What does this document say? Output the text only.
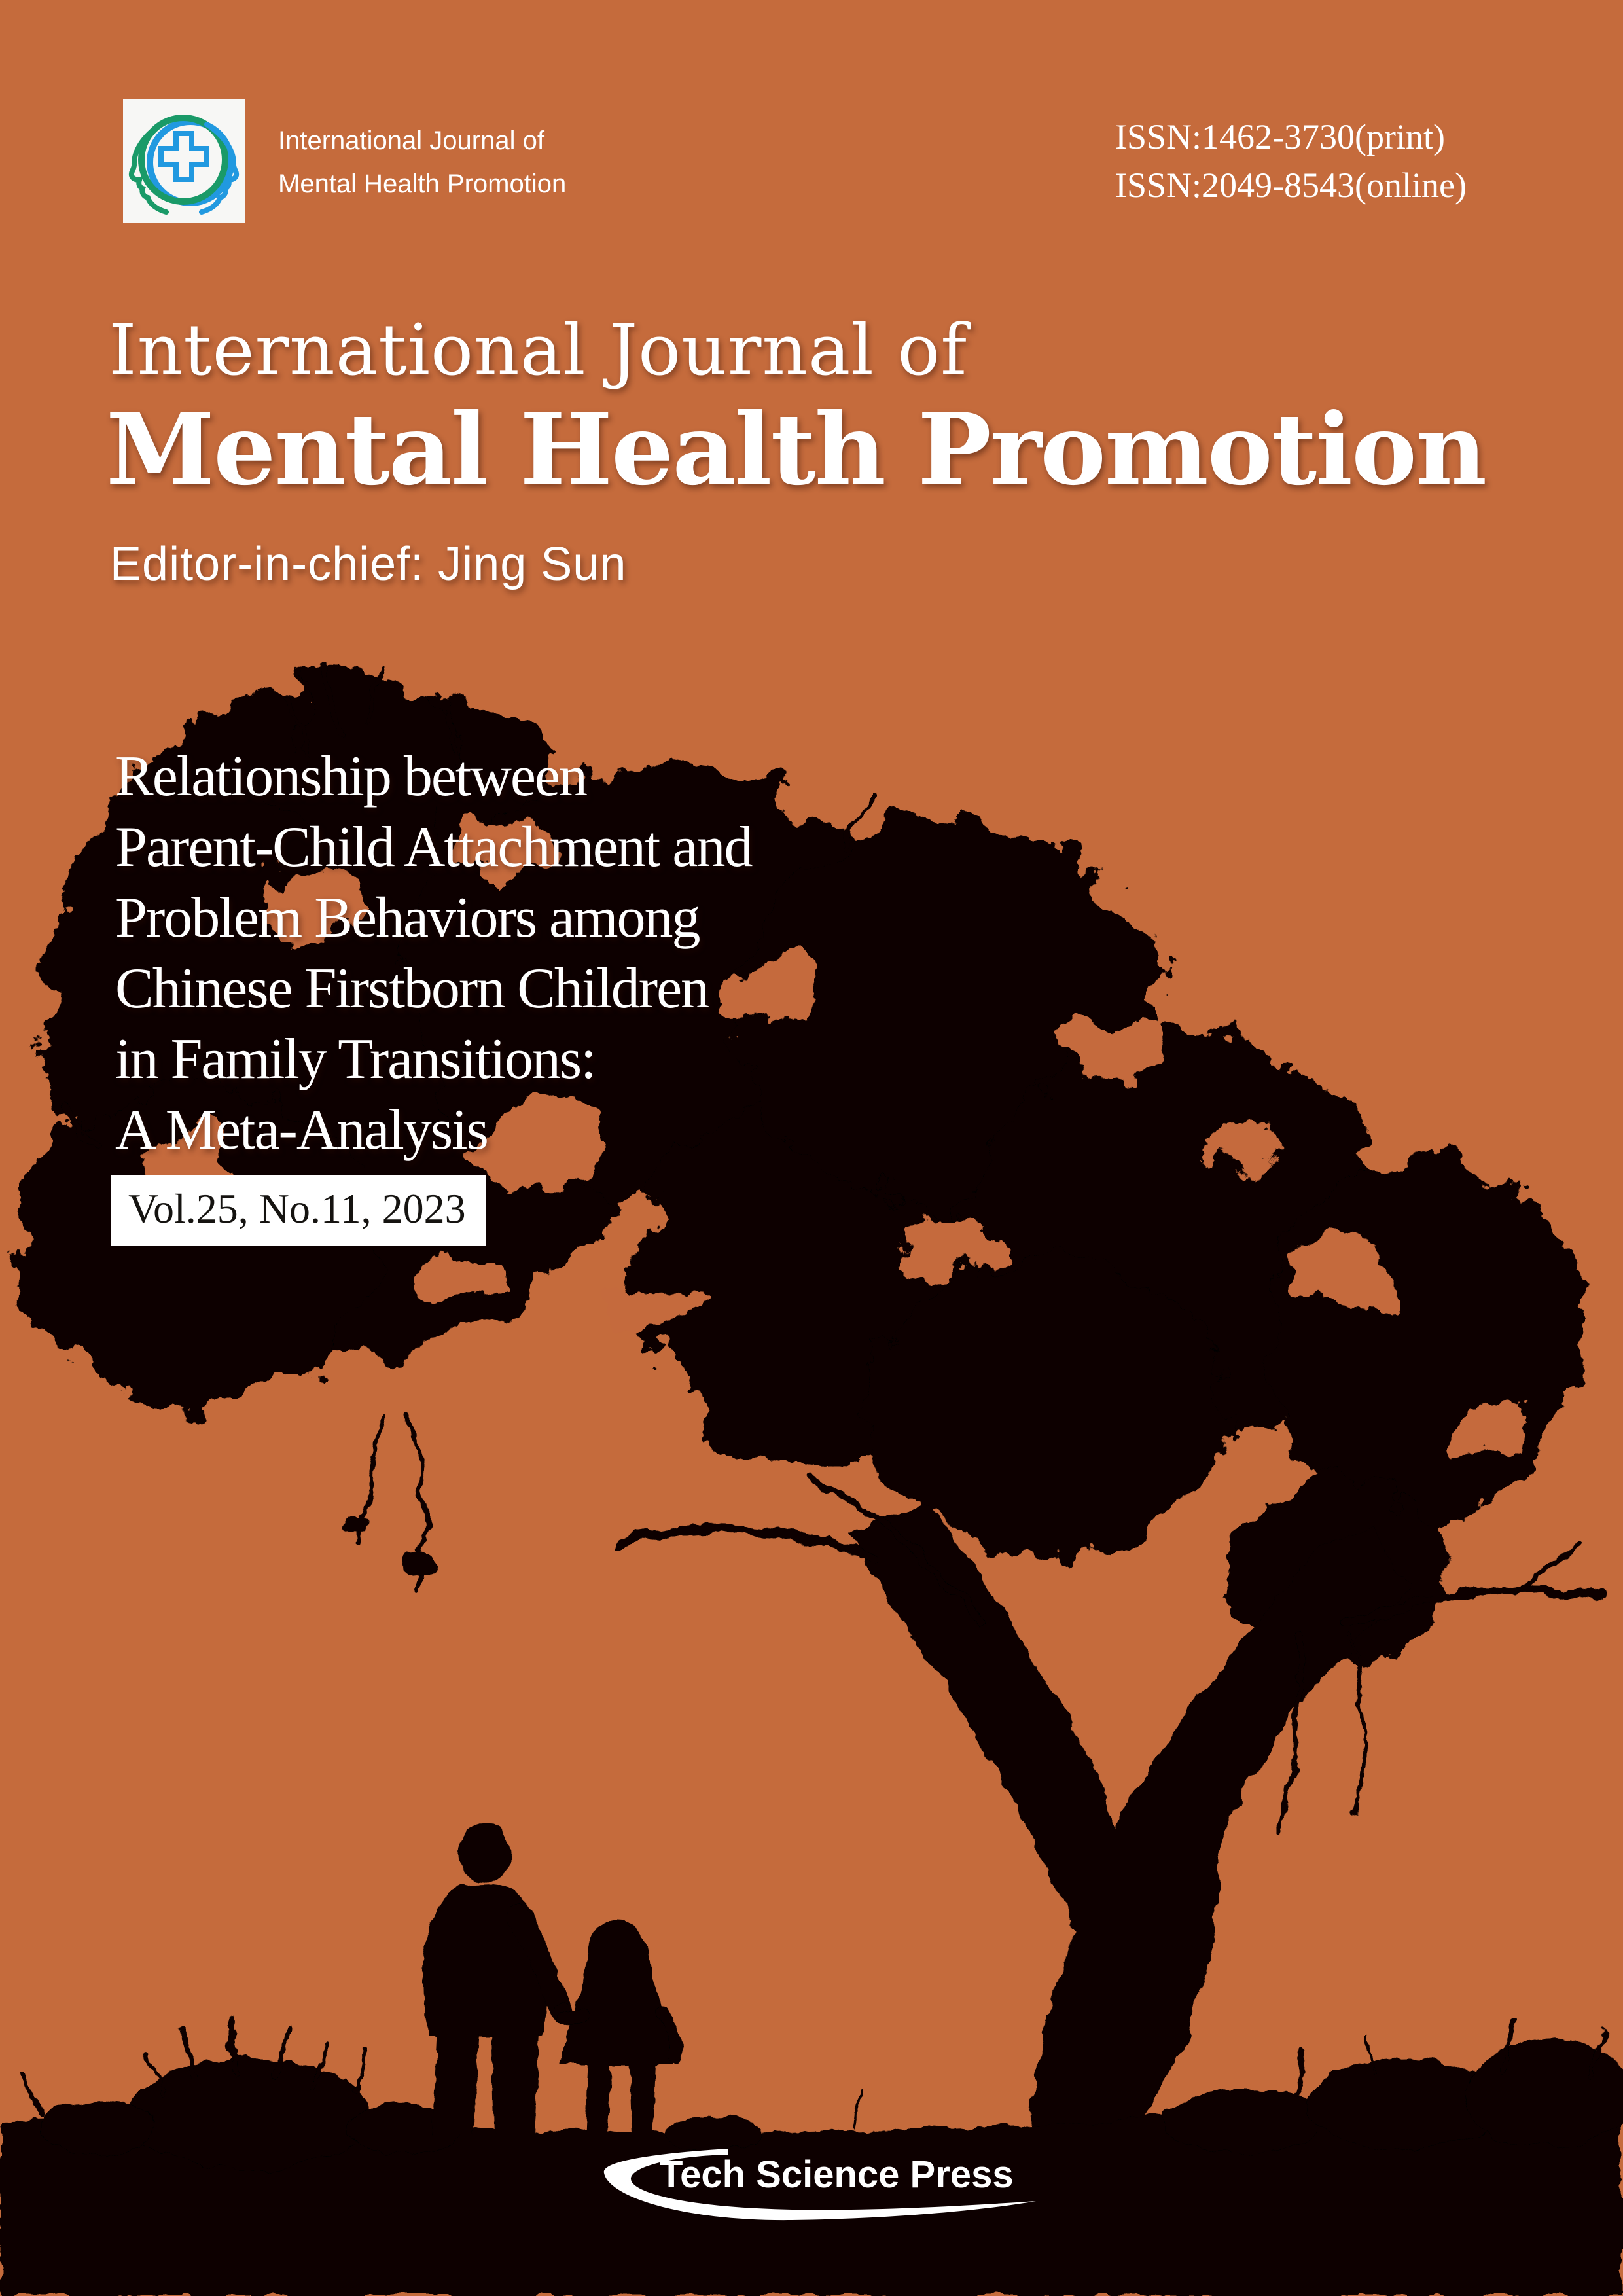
International Journal of
Mental Health Promotion
ISSN:1462-3730(print)
ISSN:2049-8543(online)
International Journal of
Mental Health Promotion
Editor-in-chief: Jing Sun
Relationship between
Parent-Child Attachment and
Problem Behaviors among
Chinese Firstborn Children
in Family Transitions:
A Meta-Analysis
Vol.25, No.11, 2023
Tech Science Press
